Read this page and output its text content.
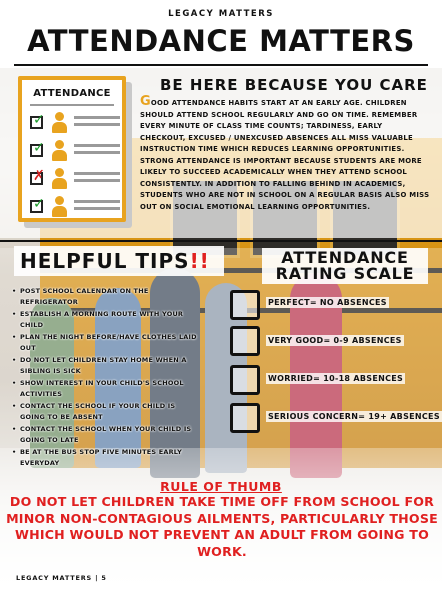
LEGACY MATTERS
ATTENDANCE MATTERS
ATTENDANCE
✓
✓
✗
✓
BE HERE BECAUSE YOU CARE
GOOD ATTENDANCE HABITS START AT AN EARLY AGE. CHILDREN SHOULD ATTEND SCHOOL REGULARLY AND GO ON TIME. REMEMBER EVERY MINUTE OF CLASS TIME COUNTS; TARDINESS, EARLY CHECKOUT, EXCUSED / UNEXCUSED ABSENCES ALL MISS VALUABLE INSTRUCTION TIME WHICH REDUCES LEARNING OPPORTUNITIES. STRONG ATTENDANCE IS IMPORTANT BECAUSE STUDENTS ARE MORE LIKELY TO SUCCEED ACADEMICALLY WHEN THEY ATTEND SCHOOL CONSISTENTLY. IN ADDITION TO FALLING BEHIND IN ACADEMICS, STUDENTS WHO ARE NOT IN SCHOOL ON A REGULAR BASIS ALSO MISS OUT ON SOCIAL EMOTIONAL LEARNING OPPORTUNITIES.
HELPFUL TIPS!!
• POST SCHOOL CALENDAR ON THE REFRIGERATOR
• ESTABLISH A MORNING ROUTE WITH YOUR CHILD
• PLAN THE NIGHT BEFORE/HAVE CLOTHES LAID OUT
• DO NOT LET CHILDREN STAY HOME WHEN A SIBLING IS SICK
• SHOW INTEREST IN YOUR CHILD'S SCHOOL ACTIVITIES
• CONTACT THE SCHOOL IF YOUR CHILD IS GOING TO BE ABSENT
• CONTACT THE SCHOOL WHEN YOUR CHILD IS GOING TO LATE
• BE AT THE BUS STOP FIVE MINUTES EARLY EVERYDAY
ATTENDANCE
RATING SCALE
PERFECT= NO ABSENCES
VERY GOOD= 0-9 ABSENCES
WORRIED= 10-18 ABSENCES
SERIOUS CONCERN= 19+ ABSENCES
RULE OF THUMB
DO NOT LET CHILDREN TAKE TIME OFF FROM SCHOOL FOR MINOR NON-CONTAGIOUS AILMENTS, PARTICULARLY THOSE WHICH WOULD NOT PREVENT AN ADULT FROM GOING TO WORK.
LEGACY MATTERS | 5
